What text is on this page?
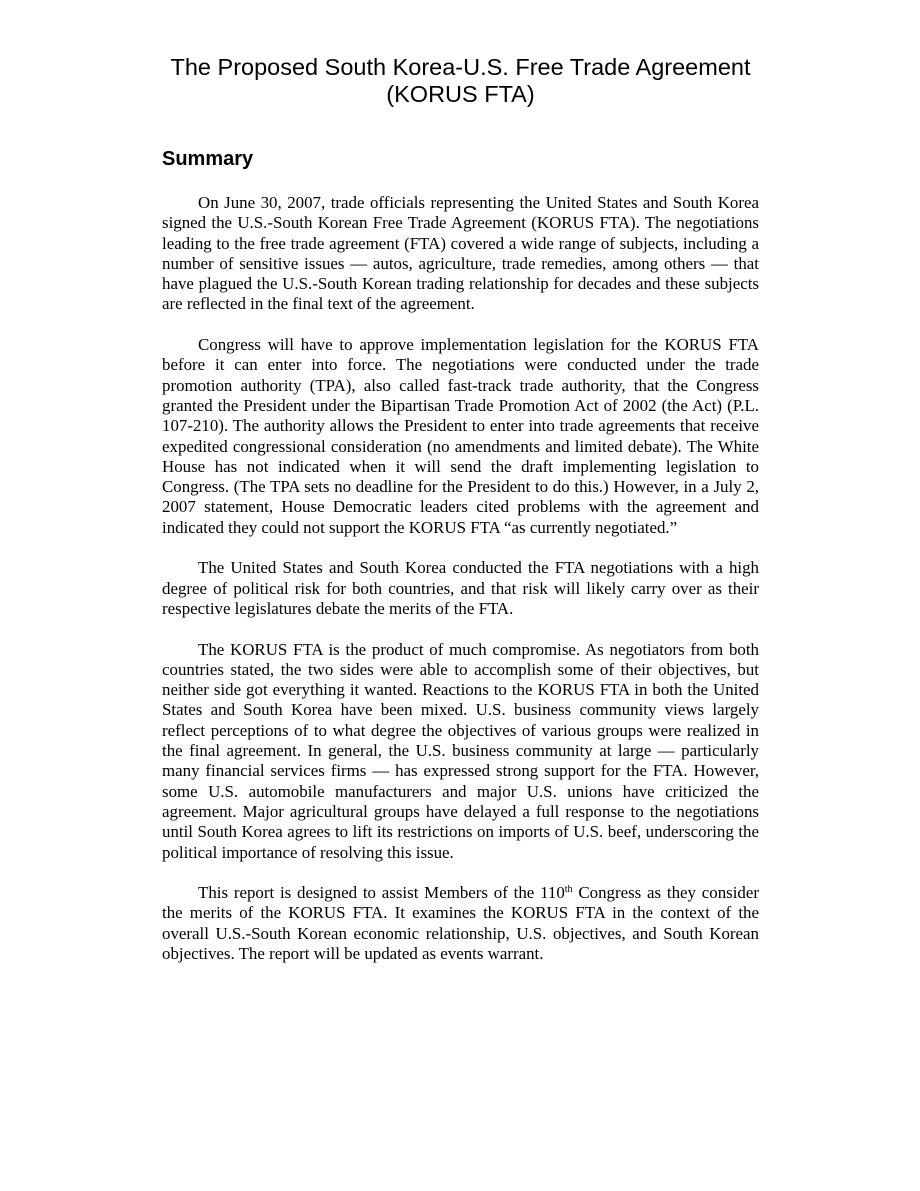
The Proposed South Korea-U.S. Free Trade Agreement
(KORUS FTA)
Summary

On June 30, 2007, trade officials representing the United States and South Korea signed the U.S.-South Korean Free Trade Agreement (KORUS FTA). The negotiations leading to the free trade agreement (FTA) covered a wide range of subjects, including a number of sensitive issues — autos, agriculture, trade remedies, among others — that have plagued the U.S.-South Korean trading relationship for decades and these subjects are reflected in the final text of the agreement.

Congress will have to approve implementation legislation for the KORUS FTA before it can enter into force. The negotiations were conducted under the trade promotion authority (TPA), also called fast-track trade authority, that the Congress granted the President under the Bipartisan Trade Promotion Act of 2002 (the Act) (P.L. 107-210). The authority allows the President to enter into trade agreements that receive expedited congressional consideration (no amendments and limited debate). The White House has not indicated when it will send the draft implementing legislation to Congress. (The TPA sets no deadline for the President to do this.) However, in a July 2, 2007 statement, House Democratic leaders cited problems with the agreement and indicated they could not support the KORUS FTA “as currently negotiated.”

The United States and South Korea conducted the FTA negotiations with a high degree of political risk for both countries, and that risk will likely carry over as their respective legislatures debate the merits of the FTA.

The KORUS FTA is the product of much compromise. As negotiators from both countries stated, the two sides were able to accomplish some of their objectives, but neither side got everything it wanted. Reactions to the KORUS FTA in both the United States and South Korea have been mixed. U.S. business community views largely reflect perceptions of to what degree the objectives of various groups were realized in the final agreement. In general, the U.S. business community at large — particularly many financial services firms — has expressed strong support for the FTA. However, some U.S. automobile manufacturers and major U.S. unions have criticized the agreement. Major agricultural groups have delayed a full response to the negotiations until South Korea agrees to lift its restrictions on imports of U.S. beef, underscoring the political importance of resolving this issue.

This report is designed to assist Members of the 110th Congress as they consider the merits of the KORUS FTA. It examines the KORUS FTA in the context of the overall U.S.-South Korean economic relationship, U.S. objectives, and South Korean objectives. The report will be updated as events warrant.
